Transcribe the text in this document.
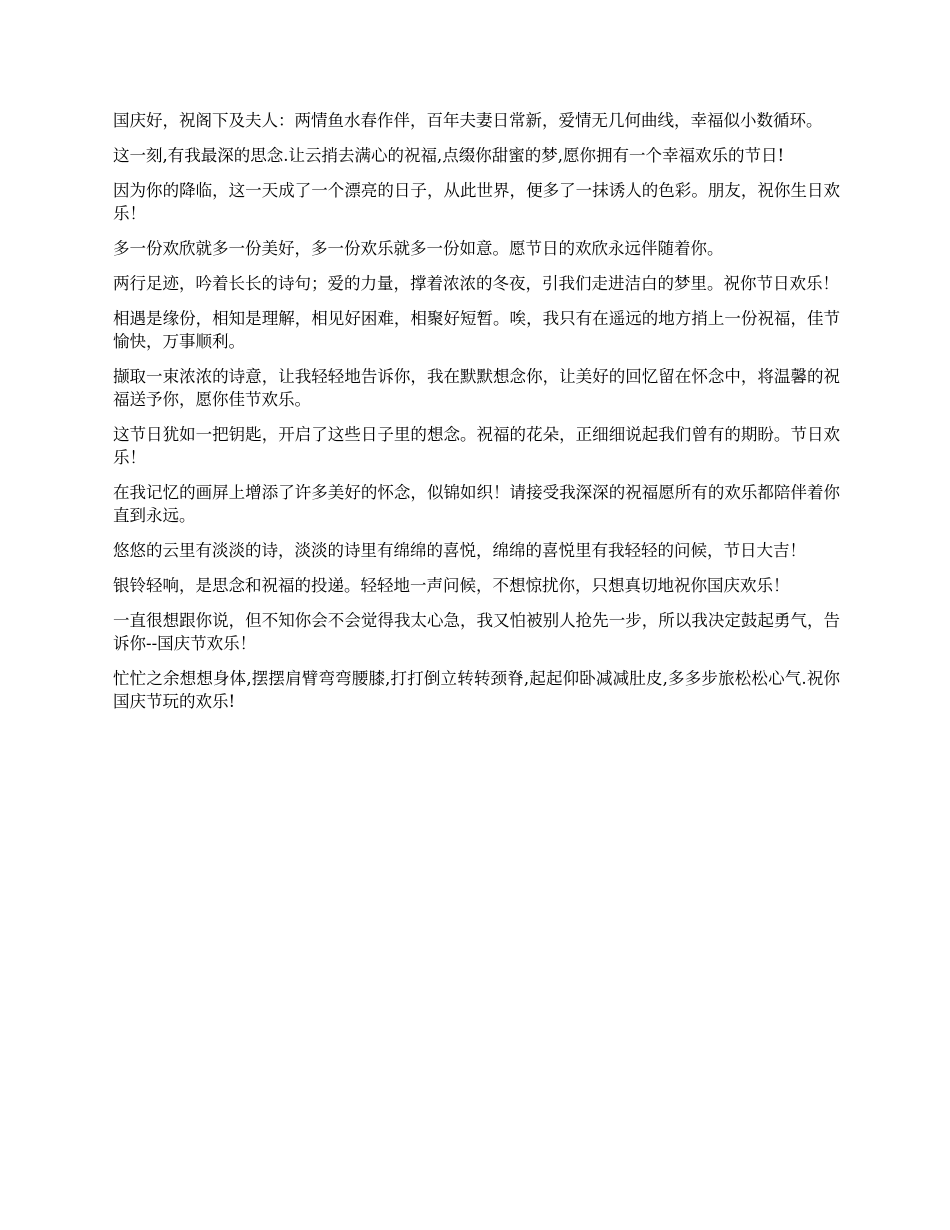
国庆好，祝阁下及夫人：两情鱼水春作伴，百年夫妻日常新，爱情无几何曲线，幸福似小数循环。

这一刻,有我最深的思念.让云捎去满心的祝福,点缀你甜蜜的梦,愿你拥有一个幸福欢乐的节日!

因为你的降临，这一天成了一个漂亮的日子，从此世界，便多了一抹诱人的色彩。朋友，祝你生日欢乐！

多一份欢欣就多一份美好，多一份欢乐就多一份如意。愿节日的欢欣永远伴随着你。

两行足迹，吟着长长的诗句；爱的力量，撑着浓浓的冬夜，引我们走进洁白的梦里。祝你节日欢乐！

相遇是缘份，相知是理解，相见好困难，相聚好短暂。唉，我只有在遥远的地方捎上一份祝福，佳节愉快，万事顺利。

撷取一束浓浓的诗意，让我轻轻地告诉你，我在默默想念你，让美好的回忆留在怀念中，将温馨的祝福送予你，愿你佳节欢乐。

这节日犹如一把钥匙，开启了这些日子里的想念。祝福的花朵，正细细说起我们曾有的期盼。节日欢乐！

在我记忆的画屏上增添了许多美好的怀念，似锦如织！请接受我深深的祝福愿所有的欢乐都陪伴着你直到永远。

悠悠的云里有淡淡的诗，淡淡的诗里有绵绵的喜悦，绵绵的喜悦里有我轻轻的问候，节日大吉！

银铃轻响，是思念和祝福的投递。轻轻地一声问候，不想惊扰你，只想真切地祝你国庆欢乐！

一直很想跟你说，但不知你会不会觉得我太心急，我又怕被别人抢先一步，所以我决定鼓起勇气，告诉你--国庆节欢乐！

忙忙之余想想身体,摆摆肩臂弯弯腰膝,打打倒立转转颈脊,起起仰卧减减肚皮,多多步旅松松心气.祝你国庆节玩的欢乐!
